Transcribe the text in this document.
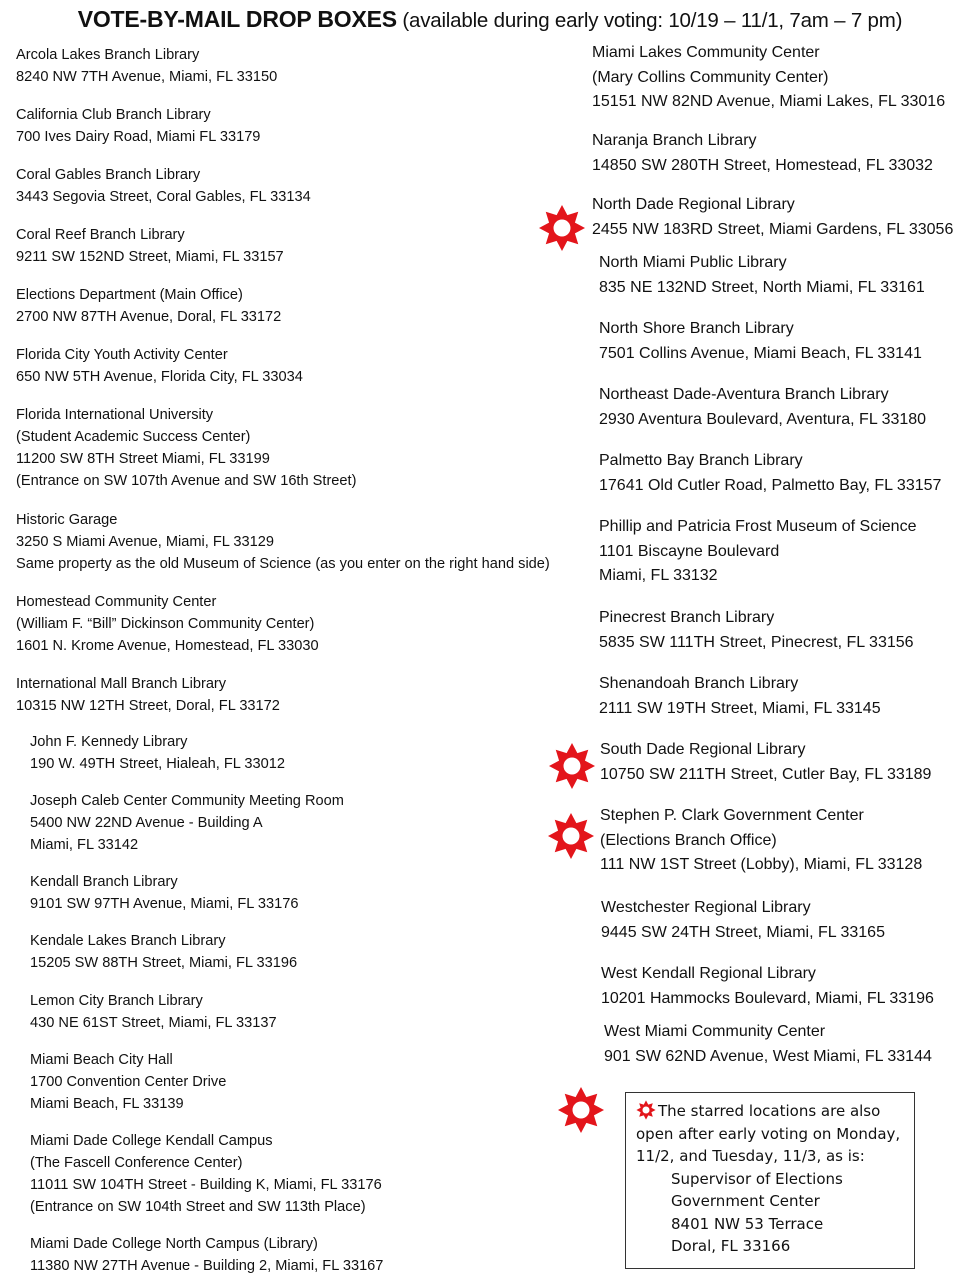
VOTE-BY-MAIL DROP BOXES (available during early voting: 10/19 – 11/1, 7am – 7 pm)
Arcola Lakes Branch Library
8240 NW 7TH Avenue, Miami, FL 33150
California Club Branch Library
700 Ives Dairy Road, Miami FL 33179
Coral Gables Branch Library
3443 Segovia Street, Coral Gables, FL 33134
Coral Reef Branch Library
9211 SW 152ND Street, Miami, FL 33157
Elections Department (Main Office)
2700 NW 87TH Avenue, Doral, FL 33172
Florida City Youth Activity Center
650 NW 5TH Avenue, Florida City, FL 33034
Florida International University
(Student Academic Success Center)
11200 SW 8TH Street Miami, FL 33199
(Entrance on SW 107th Avenue and SW 16th Street)
Historic Garage
3250 S Miami Avenue, Miami, FL 33129
Same property as the old Museum of Science (as you enter on the right hand side)
Homestead Community Center
(William F. “Bill” Dickinson Community Center)
1601 N. Krome Avenue, Homestead, FL 33030
International Mall Branch Library
10315 NW 12TH Street, Doral, FL 33172
John F. Kennedy Library
190 W. 49TH Street, Hialeah, FL 33012
Joseph Caleb Center Community Meeting Room
5400 NW 22ND Avenue - Building A
Miami, FL 33142
Kendall Branch Library
9101 SW 97TH Avenue, Miami, FL 33176
Kendale Lakes Branch Library
15205 SW 88TH Street, Miami, FL 33196
Lemon City Branch Library
430 NE 61ST Street, Miami, FL 33137
Miami Beach City Hall
1700 Convention Center Drive
Miami Beach, FL 33139
Miami Dade College Kendall Campus
(The Fascell Conference Center)
11011 SW 104TH Street - Building K, Miami, FL 33176
(Entrance on SW 104th Street and SW 113th Place)
Miami Dade College North Campus (Library)
11380 NW 27TH Avenue - Building 2, Miami, FL 33167
Miami Lakes Community Center
(Mary Collins Community Center)
15151 NW 82ND Avenue, Miami Lakes, FL 33016
Naranja Branch Library
14850 SW 280TH Street, Homestead, FL 33032
North Dade Regional Library
2455 NW 183RD Street, Miami Gardens, FL 33056
North Miami Public Library
835 NE 132ND Street, North Miami, FL 33161
North Shore Branch Library
7501 Collins Avenue, Miami Beach, FL 33141
Northeast Dade-Aventura Branch Library
2930 Aventura Boulevard, Aventura, FL 33180
Palmetto Bay Branch Library
17641 Old Cutler Road, Palmetto Bay, FL 33157
Phillip and Patricia Frost Museum of Science
1101 Biscayne Boulevard
Miami, FL 33132
Pinecrest Branch Library
5835 SW 111TH Street, Pinecrest, FL 33156
Shenandoah Branch Library
2111 SW 19TH Street, Miami, FL 33145
South Dade Regional Library
10750 SW 211TH Street, Cutler Bay, FL 33189
Stephen P. Clark Government Center
(Elections Branch Office)
111 NW 1ST Street (Lobby), Miami, FL 33128
Westchester Regional Library
9445 SW 24TH Street, Miami, FL 33165
West Kendall Regional Library
10201 Hammocks Boulevard, Miami, FL 33196
West Miami Community Center
901 SW 62ND Avenue, West Miami, FL 33144
The starred locations are also
open after early voting on Monday,
11/2, and Tuesday, 11/3, as is:
Supervisor of Elections
Government Center
8401 NW 53 Terrace
Doral, FL 33166
